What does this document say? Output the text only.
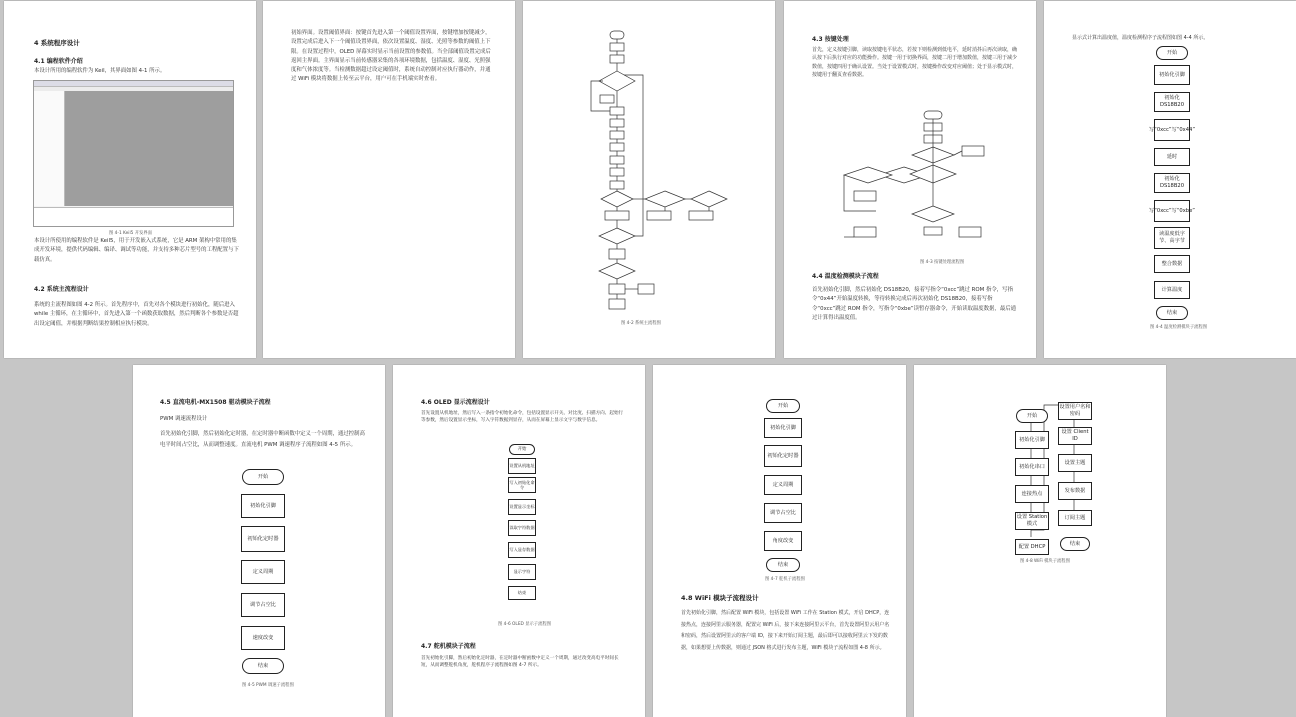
4 系统程序设计
4.1 编程软件介绍
本设计所用的编程软件为 Keil，其界面如图 4-1 所示。
图 4-1 Keil5 开发界面
本设计所使用的编程软件是 Keil5，用于开发嵌入式系统，它是 ARM 架构中常用的集成开发环境，提供代码编辑、编译、调试等功能，并支持多种芯片型号的工程配置与下载仿真。
4.2 系统主流程设计
系统的主流程图如图 4-2 所示。首先程序中，首先对各个模块进行初始化，随后进入 while 主循环，在主循环中，首先进入第一个函数获取数据，然后判断各个参数是否超出设定阈值，并根据判断结果控制相应执行模块。
初始界面。设置阈值界面：按键首先进入第一个阈值设置界面，按键增加按键减少，设置完成后进入下一个阈值设置界面，依次设置温度、湿度、光照等参数的阈值上下限。在设置过程中，OLED 屏幕实时显示当前设置的参数值。当全部阈值设置完成后返回主界面。主界面显示当前传感器采集的各项环境数据，包括温度、湿度、光照强度和气体浓度等。当检测数据超过设定阈值时，系统自动控制对应执行器动作，并通过 WiFi 模块将数据上传至云平台，用户可在手机端实时查看。
图 4-2 系统主流程图
4.3 按键处理
首先，定义按键引脚，读取按键电平状态，若按下则检测到低电平，延时消抖后再次读取，确认按下后执行对应的功能操作。按键一用于切换界面，按键二用于增加数值，按键三用于减少数值，按键四用于确认设置。当处于设置模式时，按键操作改变对应阈值；处于显示模式时，按键用于翻页查看数据。
图 4-3 按键处理流程图
4.4 温度检测模块子流程
首先初始化引脚，然后初始化 DS18B20，接着写指令“0xcc”跳过 ROM 指令，写指令“0x44”开始温度转换，等待转换完成后再次初始化 DS18B20，接着写指令“0xcc”跳过 ROM 指令，写指令“0xbe”读暂存器命令，开始读取温度数据，最后通过计算得出温度值。
显示式计算出温度值，温度检测程序子流程图如图 4-4 所示。
开始
初始化引脚
初始化 DS18B20
写“0xcc”写“0x44”
延时
初始化 DS18B20
写“0xcc”写“0xbe”
读温度低字节、高字节
整合数据
计算温度
结束
图 4-4 温度检测模块子流程图
4.5 直流电机-MX1508 驱动模块子流程
PWM 调速流程设计
首先初始化引脚，然后初始化定时器，在定时器中断函数中定义一个周期，通过控制高电平时间占空比，从而调整速度。直流电机 PWM 调速程序子流程如图 4-5 所示。
开始
初始化引脚
初始化定时器
定义周期
调节占空比
速度改变
结束
图 4-5 PWM 调速子流程图
4.6 OLED 显示流程设计
首先设置从机地址，然后写入一条指令初始化命令，包括设置显示开关、对比度、扫描方向、起始行等参数，然后设置显示坐标，写入字符数据到显存，从而在屏幕上显示文字与数字信息。
开始
设置从机地址
写入初始化命令
设置显示坐标
读取字符数据
写入显存数据
显示字符
结束
图 4-6 OLED 显示子流程图
4.7 舵机模块子流程
首先初始化引脚，然后初始化定时器，在定时器中断函数中定义一个周期，通过改变高电平时间长短，从而调整舵机角度，舵机程序子流程图如图 4-7 所示。
开始
初始化引脚
初始化定时器
定义周期
调节占空比
角度改变
结束
图 4-7 舵机子流程图
4.8 WiFi 模块子流程设计
首先初始化引脚，然后配置 WiFi 模块，包括设置 WiFi 工作在 Station 模式，开启 DHCP，连接热点，连接阿里云服务器，配置完 WiFi 后，接下来连接阿里云平台，首先设置阿里云用户名和密码，然后设置阿里云的客户端 ID，接下来开始订阅主题，最后即可以接收阿里云下发的数据，如果想要上传数据，则通过 JSON 格式进行发布主题，WiFi 模块子流程如图 4-8 所示。
开始
初始化引脚
初始化串口
连接热点
设置 Station 模式
配置 DHCP
设置用户名和密码
设置 Client ID
设置主题
发布数据
订阅主题
结束
图 4-8 WiFi 模块子流程图
